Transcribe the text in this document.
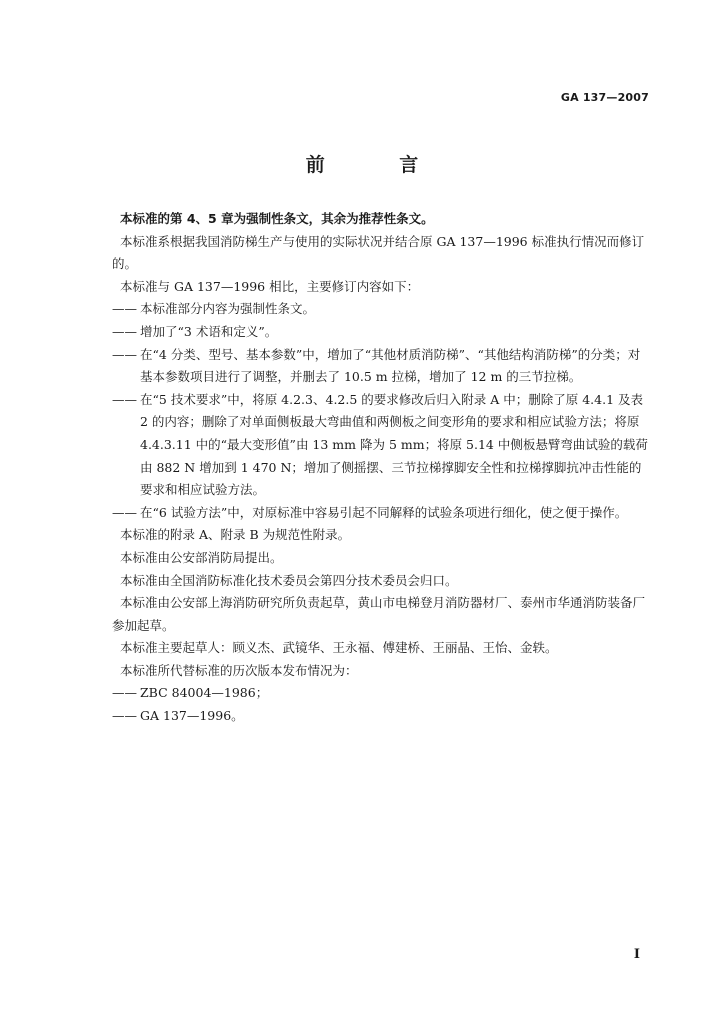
GA 137—2007
前 言

本标准的第 4、5 章为强制性条文，其余为推荐性条文。

本标准系根据我国消防梯生产与使用的实际状况并结合原 GA 137—1996 标准执行情况而修订的。

本标准与 GA 137—1996 相比，主要修订内容如下：

—— 本标准部分内容为强制性条文。

—— 增加了“3 术语和定义”。

—— 在“4 分类、型号、基本参数”中，增加了“其他材质消防梯”、“其他结构消防梯”的分类；对基本参数项目进行了调整，并删去了 10.5 m 拉梯，增加了 12 m 的三节拉梯。

—— 在“5 技术要求”中，将原 4.2.3、4.2.5 的要求修改后归入附录 A 中；删除了原 4.4.1 及表 2 的内容；删除了对单面侧板最大弯曲值和两侧板之间变形角的要求和相应试验方法；将原 4.4.3.11 中的“最大变形值”由 13 mm 降为 5 mm；将原 5.14 中侧板悬臂弯曲试验的载荷由 882 N 增加到 1 470 N；增加了侧摇摆、三节拉梯撑脚安全性和拉梯撑脚抗冲击性能的要求和相应试验方法。

—— 在“6 试验方法”中，对原标准中容易引起不同解释的试验条项进行细化，使之便于操作。

本标准的附录 A、附录 B 为规范性附录。

本标准由公安部消防局提出。

本标准由全国消防标准化技术委员会第四分技术委员会归口。

本标准由公安部上海消防研究所负责起草，黄山市电梯登月消防器材厂、泰州市华通消防装备厂参加起草。

本标准主要起草人：顾义杰、武镜华、王永福、傅建桥、王丽晶、王怡、金轶。

本标准所代替标准的历次版本发布情况为：

—— ZBC 84004—1986；

—— GA 137—1996。

I
